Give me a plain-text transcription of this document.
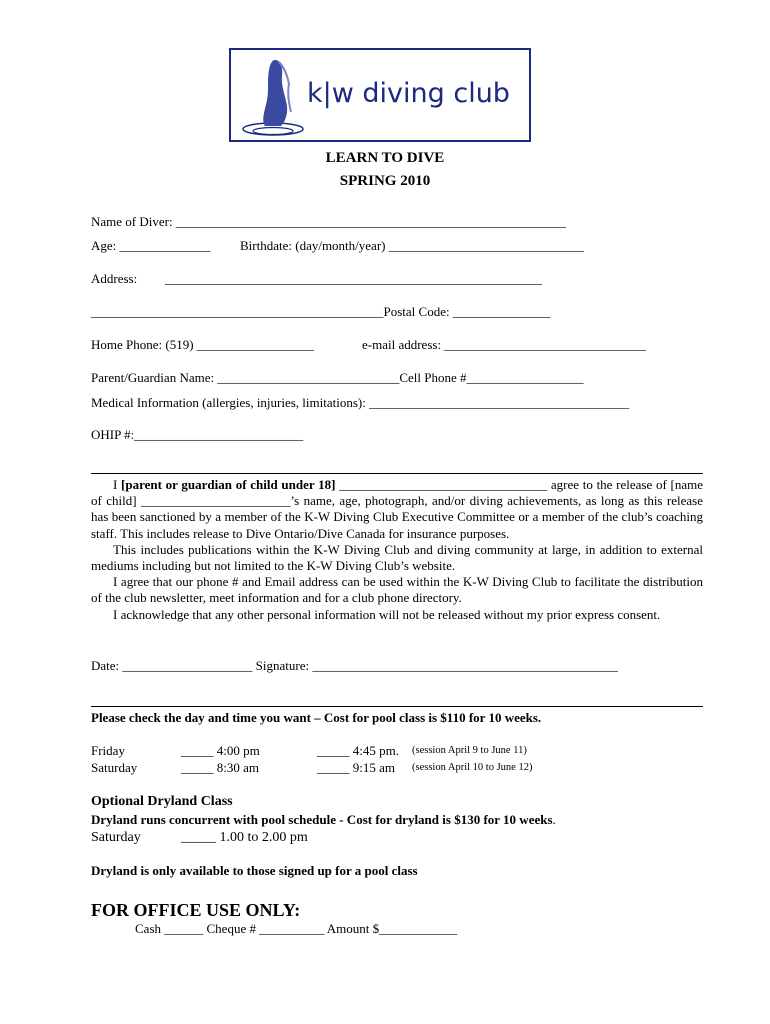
k|w diving club
LEARN TO DIVE
SPRING 2010
Name of Diver: ____________________________________________________________
Age: ______________ Birthdate: (day/month/year) ______________________________
Address: __________________________________________________________
_____________________________________________Postal Code: _______________
Home Phone: (519) __________________	e-mail address: _______________________________
Parent/Guardian Name: ____________________________Cell Phone #__________________
Medical Information (allergies, injuries, limitations): ________________________________________
OHIP #:__________________________

I [parent or guardian of child under 18] ________________________________ agree to the release of [name of child] _______________________’s name, age, photograph, and/or diving achievements, as long as this release has been sanctioned by a member of the K-W Diving Club Executive Committee or a member of the club’s coaching staff. This includes release to Dive Ontario/Dive Canada for insurance purposes.

This includes publications within the K-W Diving Club and diving community at large, in addition to external mediums including but not limited to the K-W Diving Club’s website.

I agree that our phone # and Email address can be used within the K-W Diving Club to facilitate the distribution of the club newsletter, meet information and for a club phone directory.

I acknowledge that any other personal information will not be released without my prior express consent.

Date: ____________________ Signature: _______________________________________________
Please check the day and time you want – Cost for pool class is $110 for 10 weeks.
Friday	_____ 4:00 pm	_____ 4:45 pm. (session April 9 to June 11)
Saturday	_____ 8:30 am	_____ 9:15 am (session April 10 to June 12)
Optional Dryland Class
Dryland runs concurrent with pool schedule - Cost for dryland is $130 for 10 weeks.
Saturday	_____ 1.00 to 2.00 pm
Dryland is only available to those signed up for a pool class
FOR OFFICE USE ONLY:
Cash ______ Cheque # __________ Amount $____________
